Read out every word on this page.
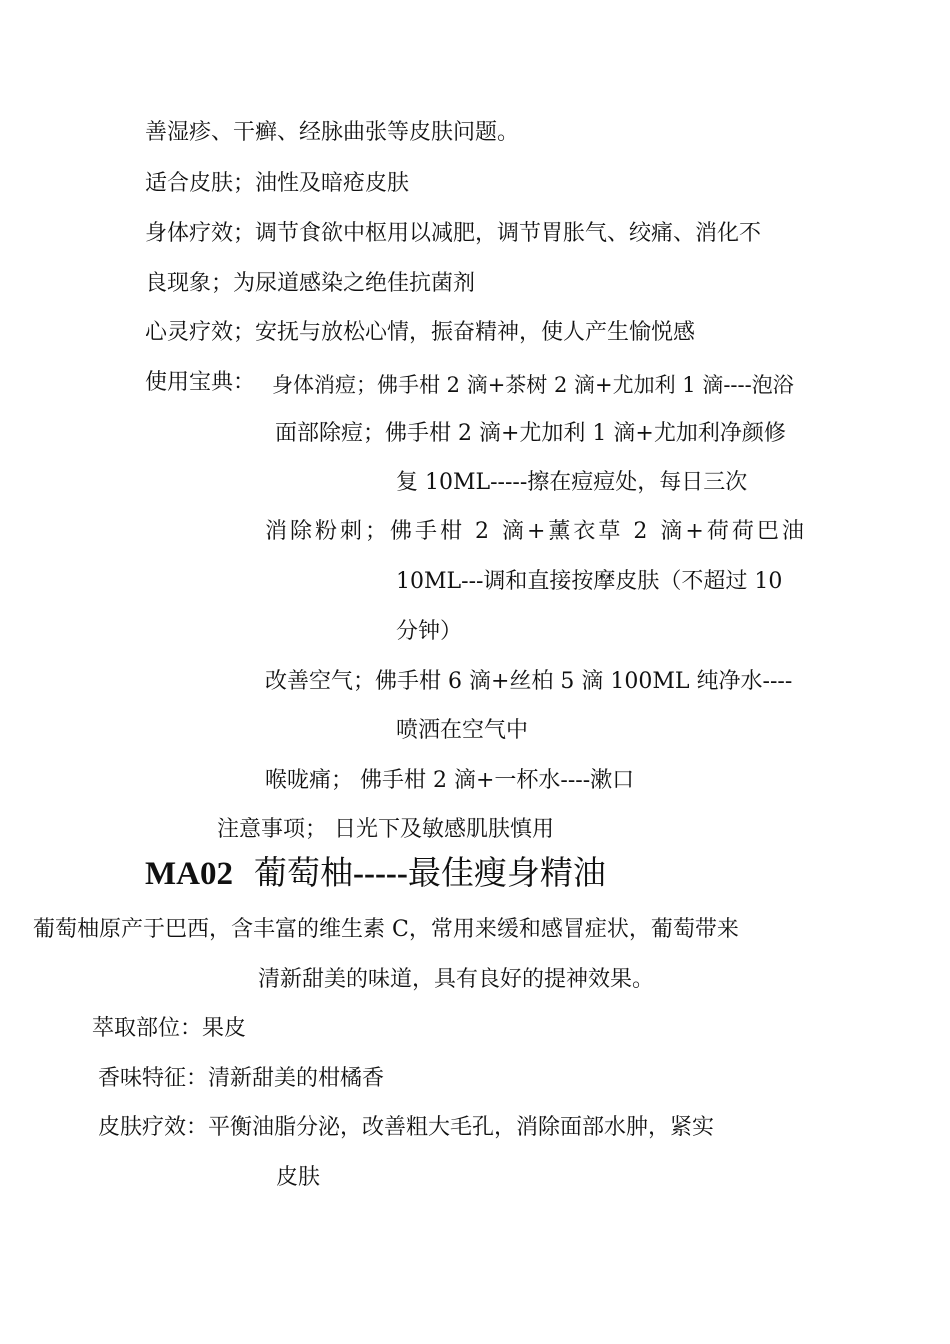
善湿疹、干癣、经脉曲张等皮肤问题。
适合皮肤；油性及暗疮皮肤
身体疗效；调节食欲中枢用以减肥，调节胃胀气、绞痛、消化不
良现象；为尿道感染之绝佳抗菌剂
心灵疗效；安抚与放松心情，振奋精神，使人产生愉悦感
使用宝典： 身体消痘；佛手柑 2 滴+茶树 2 滴+尤加利 1 滴----泡浴
面部除痘；佛手柑 2 滴+尤加利 1 滴+尤加利净颜修
复 10ML-----擦在痘痘处，每日三次
消除粉刺；佛手柑 2 滴+薰衣草 2 滴+荷荷巴油
10ML---调和直接按摩皮肤（不超过 10
分钟）
改善空气；佛手柑 6 滴+丝柏 5 滴 100ML 纯净水----
喷洒在空气中
喉咙痛； 佛手柑 2 滴+一杯水----漱口
注意事项； 日光下及敏感肌肤慎用
MA02 葡萄柚-----最佳瘦身精油
葡萄柚原产于巴西，含丰富的维生素 C，常用来缓和感冒症状，葡萄带来
清新甜美的味道，具有良好的提神效果。
萃取部位：果皮
香味特征：清新甜美的柑橘香
皮肤疗效：平衡油脂分泌，改善粗大毛孔，消除面部水肿，紧实
皮肤
